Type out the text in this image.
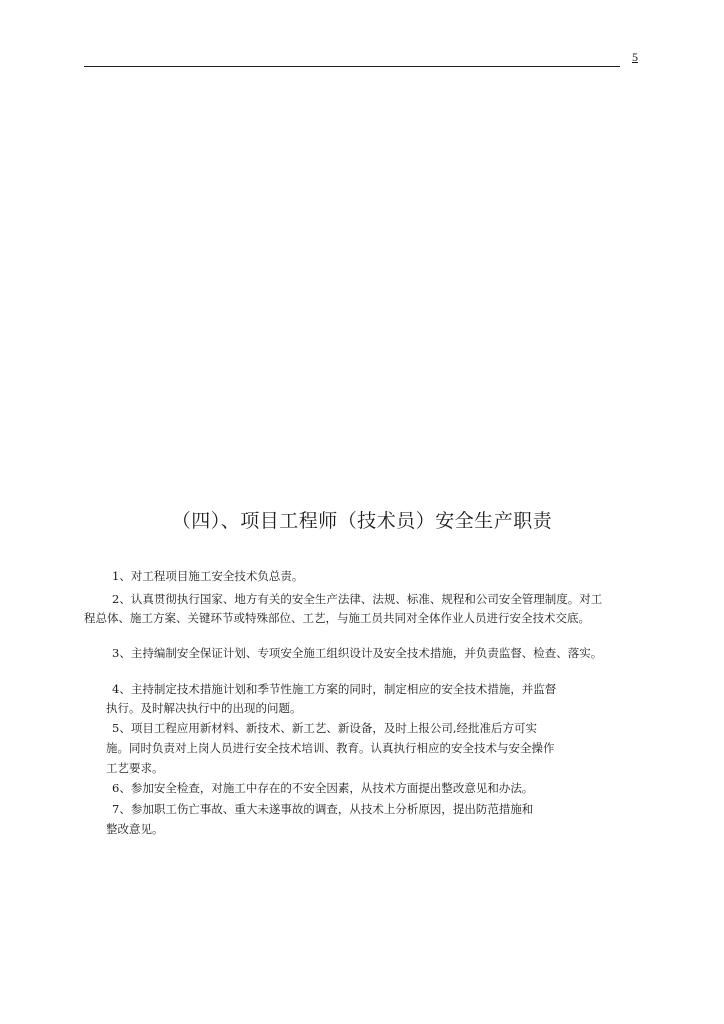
5
（四）、项目工程师（技术员）安全生产职责
1、对工程项目施工安全技术负总责。
2、认真贯彻执行国家、地方有关的安全生产法律、法规、标准、规程和公司安全管理制度。对工
程总体、施工方案、关键环节或特殊部位、工艺，与施工员共同对全体作业人员进行安全技术交底。
3、主持编制安全保证计划、专项安全施工组织设计及安全技术措施，并负责监督、检查、落实。
4、主持制定技术措施计划和季节性施工方案的同时，制定相应的安全技术措施，并监督
执行。及时解决执行中的出现的问题。
5、项目工程应用新材料、新技术、新工艺、新设备，及时上报公司,经批准后方可实
施。同时负责对上岗人员进行安全技术培训、教育。认真执行相应的安全技术与安全操作
工艺要求。
6、参加安全检查，对施工中存在的不安全因素，从技术方面提出整改意见和办法。
7、参加职工伤亡事故、重大未遂事故的调查，从技术上分析原因，提出防范措施和
整改意见。
